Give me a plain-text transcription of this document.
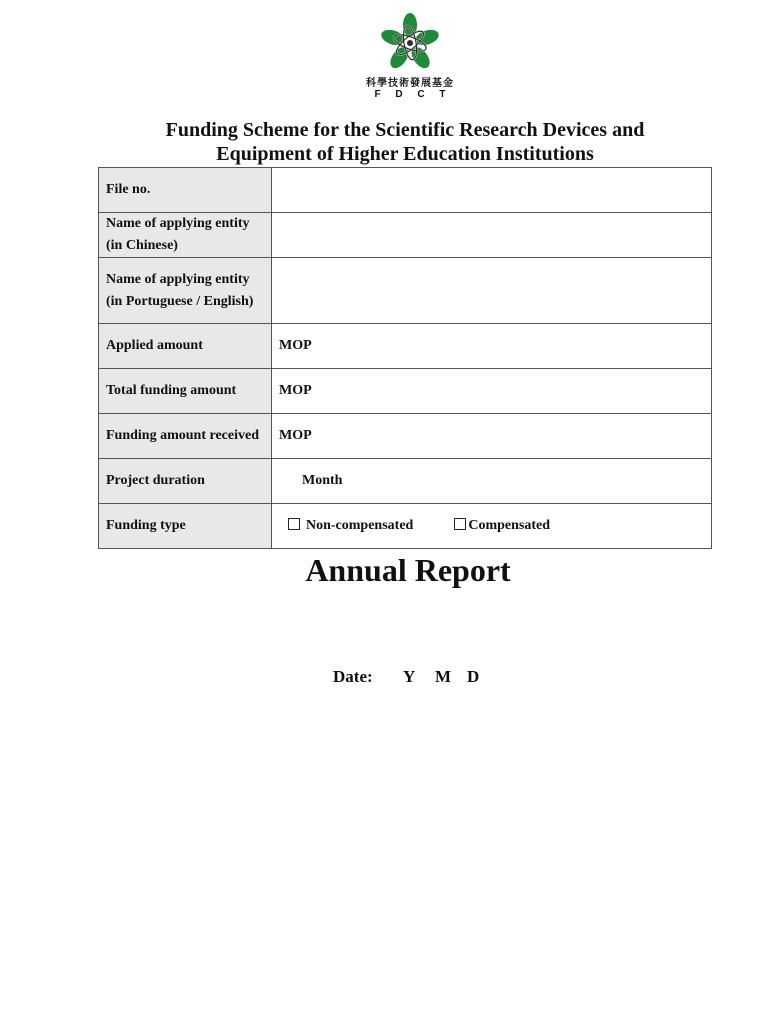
科學技術發展基金
F D C T
Funding Scheme for the Scientific Research Devices and
Equipment of Higher Education Institutions
File no.	
Name of applying entity (in Chinese)	
Name of applying entity (in Portuguese / English)	
Applied amount	MOP
Total funding amount	MOP
Funding amount received	MOP
Project duration	Month
Funding type	Non-compensated Compensated
Annual Report
Date: Y M D
